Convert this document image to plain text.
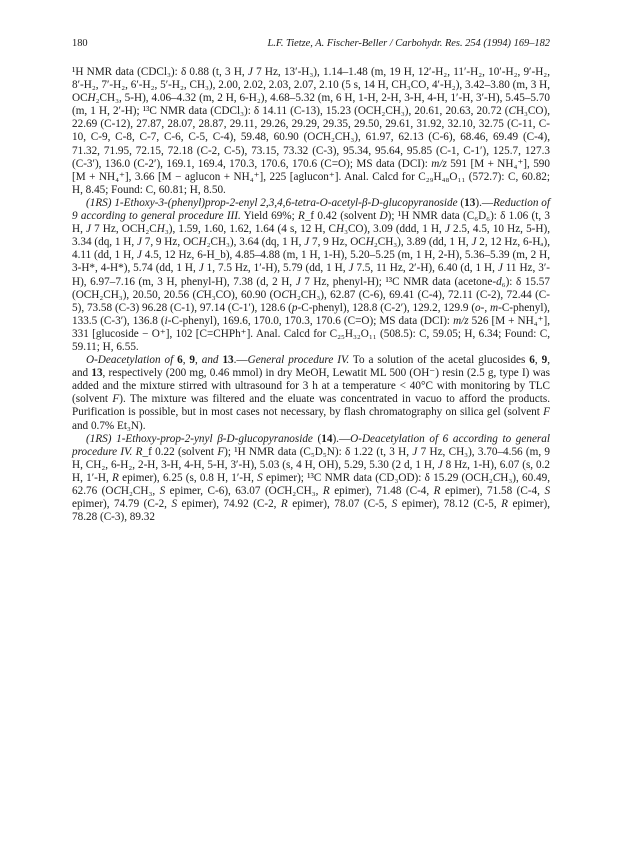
180	L.F. Tietze, A. Fischer-Beller / Carbohydr. Res. 254 (1994) 169–182

¹H NMR data (CDCl₃): δ 0.88 (t, 3 H, J 7 Hz, 13′-H₃), 1.14–1.48 (m, 19 H, 12′-H₂, 11′-H₂, 10′-H₂, 9′-H₂, 8′-H₂, 7′-H₂, 6′-H₂, 5′-H₂, CH₃), 2.00, 2.02, 2.03, 2.07, 2.10 (5 s, 14 H, CH₃CO, 4′-H₂), 3.42–3.80 (m, 3 H, OCH₂CH₃, 5-H), 4.06–4.32 (m, 2 H, 6-H₂), 4.68–5.32 (m, 6 H, 1-H, 2-H, 3-H, 4-H, 1′-H, 3′-H), 5.45–5.70 (m, 1 H, 2′-H); ¹³C NMR data (CDCl₃): δ 14.11 (C-13), 15.23 (OCH₂CH₃), 20.61, 20.63, 20.72 (CH₃CO), 22.69 (C-12), 27.87, 28.07, 28.87, 29.11, 29.26, 29.29, 29.35, 29.50, 29.61, 31.92, 32.10, 32.75 (C-11, C-10, C-9, C-8, C-7, C-6, C-5, C-4), 59.48, 60.90 (OCH₂CH₃), 61.97, 62.13 (C-6), 68.46, 69.49 (C-4), 71.32, 71.95, 72.15, 72.18 (C-2, C-5), 73.15, 73.32 (C-3), 95.34, 95.64, 95.85 (C-1, C-1′), 125.7, 127.3 (C-3′), 136.0 (C-2′), 169.1, 169.4, 170.3, 170.6, 170.6 (C=O); MS data (DCI): m/z 591 [M + NH₄⁺], 590 [M + NH₄⁺], 3.66 [M − aglucon + NH₄⁺], 225 [aglucon⁺]. Anal. Calcd for C₂₉H₄₈O₁₁ (572.7): C, 60.82; H, 8.45; Found: C, 60.81; H, 8.50.

(1RS) 1-Ethoxy-3-(phenyl)prop-2-enyl 2,3,4,6-tetra-O-acetyl-β-D-glucopyranoside (13).—Reduction of 9 according to general procedure III. Yield 69%; R_f 0.42 (solvent D); ¹H NMR data (C₆D₆): δ 1.06 (t, 3 H, J 7 Hz, OCH₂CH₃), 1.59, 1.60, 1.62, 1.64 (4 s, 12 H, CH₃CO), 3.09 (ddd, 1 H, J 2.5, 4.5, 10 Hz, 5-H), 3.34 (dq, 1 H, J 7, 9 Hz, OCH₂CH₃), 3.64 (dq, 1 H, J 7, 9 Hz, OCH₂CH₃), 3.89 (dd, 1 H, J 2, 12 Hz, 6-Hₐ), 4.11 (dd, 1 H, J 4.5, 12 Hz, 6-H_b), 4.85–4.88 (m, 1 H, 1-H), 5.20–5.25 (m, 1 H, 2-H), 5.36–5.39 (m, 2 H, 3-H*, 4-H*), 5.74 (dd, 1 H, J 1, 7.5 Hz, 1′-H), 5.79 (dd, 1 H, J 7.5, 11 Hz, 2′-H), 6.40 (d, 1 H, J 11 Hz, 3′-H), 6.97–7.16 (m, 3 H, phenyl-H), 7.38 (d, 2 H, J 7 Hz, phenyl-H); ¹³C NMR data (acetone-d₆): δ 15.57 (OCH₂CH₃), 20.50, 20.56 (CH₃CO), 60.90 (OCH₂CH₃), 62.87 (C-6), 69.41 (C-4), 72.11 (C-2), 72.44 (C-5), 73.58 (C-3) 96.28 (C-1), 97.14 (C-1′), 128.6 (p-C-phenyl), 128.8 (C-2′), 129.2, 129.9 (o-, m-C-phenyl), 133.5 (C-3′), 136.8 (i-C-phenyl), 169.6, 170.0, 170.3, 170.6 (C=O); MS data (DCI): m/z 526 [M + NH₄⁺], 331 [glucoside − O⁺], 102 [C=CHPh⁺]. Anal. Calcd for C₂₅H₃₂O₁₁ (508.5): C, 59.05; H, 6.34; Found: C, 59.11; H, 6.55.

O-Deacetylation of 6, 9, and 13.—General procedure IV. To a solution of the acetal glucosides 6, 9, and 13, respectively (200 mg, 0.46 mmol) in dry MeOH, Lewatit ML 500 (OH⁻) resin (2.5 g, type I) was added and the mixture stirred with ultrasound for 3 h at a temperature < 40°C with monitoring by TLC (solvent F). The mixture was filtered and the eluate was concentrated in vacuo to afford the products. Purification is possible, but in most cases not necessary, by flash chromatography on silica gel (solvent F and 0.7% Et₃N).

(1RS) 1-Ethoxy-prop-2-ynyl β-D-glucopyranoside (14).—O-Deacetylation of 6 according to general procedure IV. R_f 0.22 (solvent F); ¹H NMR data (C₅D₅N): δ 1.22 (t, 3 H, J 7 Hz, CH₃), 3.70–4.56 (m, 9 H, CH₂, 6-H₂, 2-H, 3-H, 4-H, 5-H, 3′-H), 5.03 (s, 4 H, OH), 5.29, 5.30 (2 d, 1 H, J 8 Hz, 1-H), 6.07 (s, 0.2 H, 1′-H, R epimer), 6.25 (s, 0.8 H, 1′-H, S epimer); ¹³C NMR data (CD₃OD): δ 15.29 (OCH₂CH₃), 60.49, 62.76 (OCH₂CH₃, S epimer, C-6), 63.07 (OCH₂CH₃, R epimer), 71.48 (C-4, R epimer), 71.58 (C-4, S epimer), 74.79 (C-2, S epimer), 74.92 (C-2, R epimer), 78.07 (C-5, S epimer), 78.12 (C-5, R epimer), 78.28 (C-3), 89.32
